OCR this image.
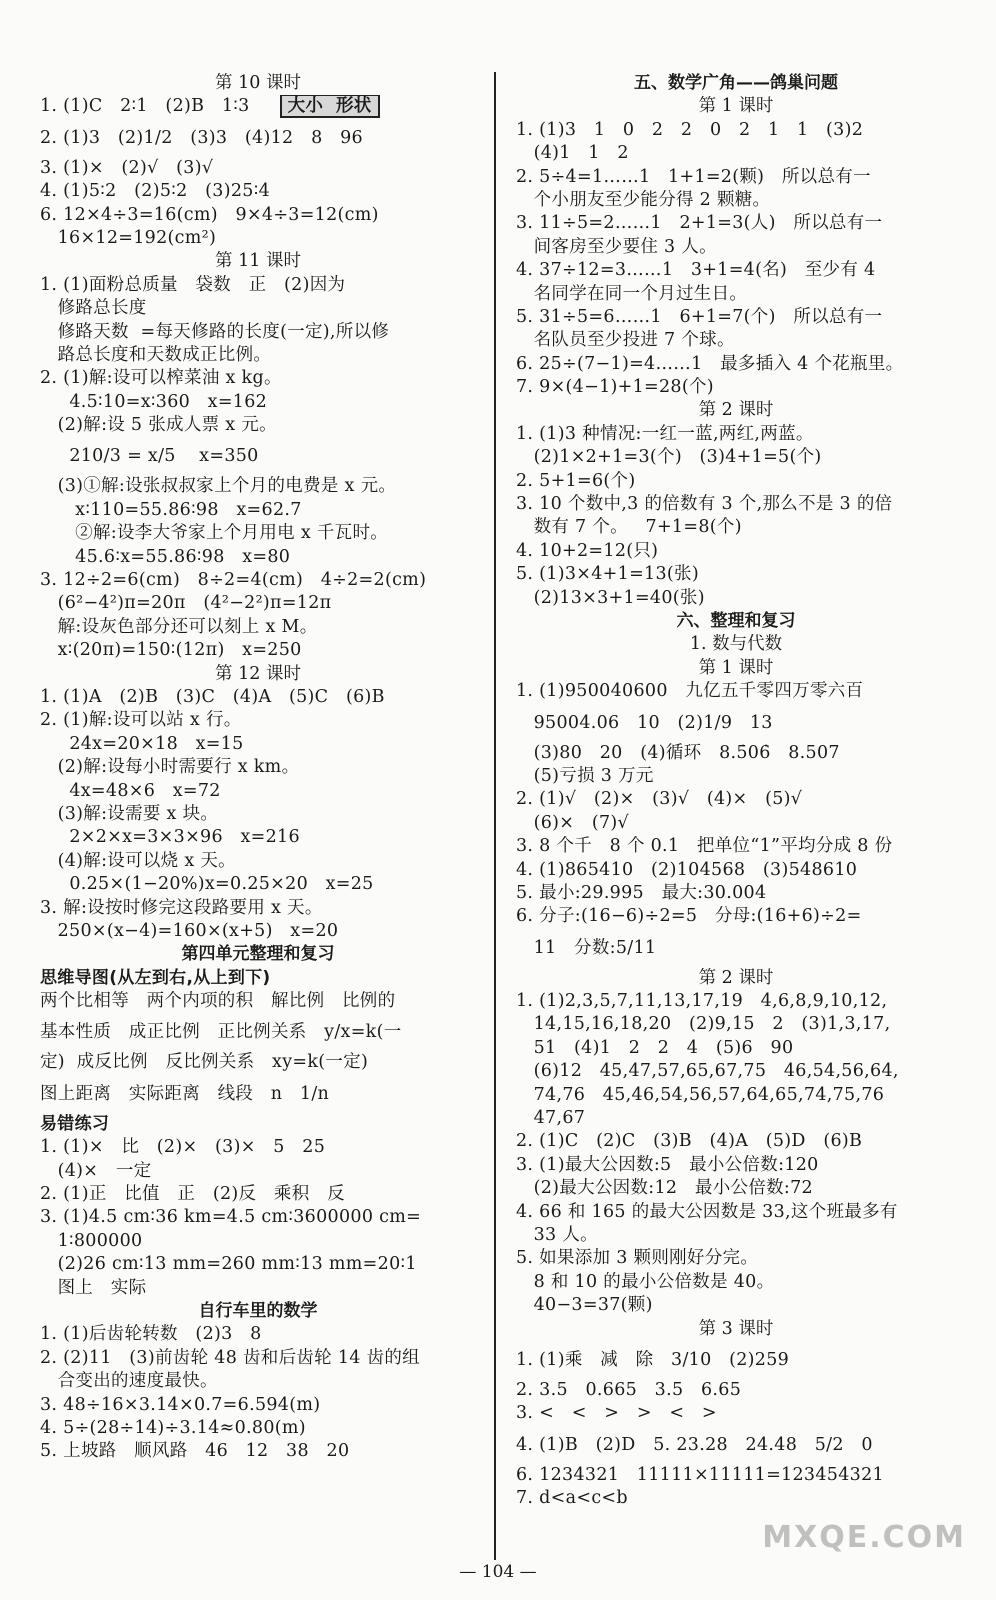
第 10 课时
1. (1)C   2∶1   (2)B   1∶3 大小  形状
2. (1)3   (2)1/2   (3)3   (4)12   8   96
3. (1)×   (2)√   (3)√
4. (1)5∶2   (2)5∶2   (3)25∶4
6. 12×4÷3=16(cm)   9×4÷3=12(cm)
16×12=192(cm²)
第 11 课时
1. (1)面粉总质量   袋数   正   (2)因为
修路总长度
修路天数  =每天修路的长度(一定),所以修
路总长度和天数成正比例。
2. (1)解:设可以榨菜油 x kg。
4.5∶10=x∶360   x=162
(2)解:设 5 张成人票 x 元。
210/3 = x/5    x=350
(3)①解:设张叔叔家上个月的电费是 x 元。
x∶110=55.86∶98   x=62.7
②解:设李大爷家上个月用电 x 千瓦时。
45.6∶x=55.86∶98   x=80
3. 12÷2=6(cm)   8÷2=4(cm)   4÷2=2(cm)
(6²−4²)π=20π   (4²−2²)π=12π
解:设灰色部分还可以刻上 x M。
x∶(20π)=150∶(12π)   x=250
第 12 课时
1. (1)A   (2)B   (3)C   (4)A   (5)C   (6)B
2. (1)解:设可以站 x 行。
24x=20×18   x=15
(2)解:设每小时需要行 x km。
4x=48×6   x=72
(3)解:设需要 x 块。
2×2×x=3×3×96   x=216
(4)解:设可以烧 x 天。
0.25×(1−20%)x=0.25×20   x=25
3. 解:设按时修完这段路要用 x 天。
250×(x−4)=160×(x+5)   x=20
第四单元整理和复习
思维导图(从左到右,从上到下)
两个比相等   两个内项的积   解比例   比例的
基本性质   成正比例   正比例关系   y/x=k(一
定)  成反比例   反比例关系   xy=k(一定)
图上距离   实际距离   线段   n   1/n
易错练习
1. (1)×   比   (2)×   (3)×   5   25
(4)×   一定
2. (1)正   比值   正   (2)反   乘积   反
3. (1)4.5 cm∶36 km=4.5 cm∶3600000 cm=
1∶800000
(2)26 cm∶13 mm=260 mm∶13 mm=20∶1
图上   实际
自行车里的数学
1. (1)后齿轮转数   (2)3   8
2. (2)11   (3)前齿轮 48 齿和后齿轮 14 齿的组
合变出的速度最快。
3. 48÷16×3.14×0.7=6.594(m)
4. 5÷(28÷14)÷3.14≈0.80(m)
5. 上坡路   顺风路   46   12   38   20
五、数学广角——鸽巢问题
第 1 课时
1. (1)3   1   0   2   2   0   2   1   1   (3)2
(4)1   1   2
2. 5÷4=1……1   1+1=2(颗)   所以总有一
个小朋友至少能分得 2 颗糖。
3. 11÷5=2……1   2+1=3(人)   所以总有一
间客房至少要住 3 人。
4. 37÷12=3……1   3+1=4(名)   至少有 4
名同学在同一个月过生日。
5. 31÷5=6……1   6+1=7(个)   所以总有一
名队员至少投进 7 个球。
6. 25÷(7−1)=4……1   最多插入 4 个花瓶里。
7. 9×(4−1)+1=28(个)
第 2 课时
1. (1)3 种情况:一红一蓝,两红,两蓝。
(2)1×2+1=3(个)   (3)4+1=5(个)
2. 5+1=6(个)
3. 10 个数中,3 的倍数有 3 个,那么不是 3 的倍
数有 7 个。   7+1=8(个)
4. 10+2=12(只)
5. (1)3×4+1=13(张)
(2)13×3+1=40(张)
六、整理和复习
1. 数与代数
第 1 课时
1. (1)950040600   九亿五千零四万零六百
95004.06   10   (2)1/9   13
(3)80   20   (4)循环   8.5̇06̇   8.507
(5)亏损 3 万元
2. (1)√   (2)×   (3)√   (4)×   (5)√
(6)×   (7)√
3. 8 个千   8 个 0.1   把单位“1”平均分成 8 份
4. (1)865410   (2)104568   (3)548610
5. 最小:29.995   最大:30.004
6. 分子:(16−6)÷2=5   分母:(16+6)÷2=
11   分数:5/11
第 2 课时
1. (1)2,3,5,7,11,13,17,19   4,6,8,9,10,12,
14,15,16,18,20   (2)9,15   2   (3)1,3,17,
51   (4)1   2   2   4   (5)6   90
(6)12   45,47,57,65,67,75   46,54,56,64,
74,76   45,46,54,56,57,64,65,74,75,76
47,67
2. (1)C   (2)C   (3)B   (4)A   (5)D   (6)B
3. (1)最大公因数:5   最小公倍数:120
(2)最大公因数:12   最小公倍数:72
4. 66 和 165 的最大公因数是 33,这个班最多有
33 人。
5. 如果添加 3 颗则刚好分完。
8 和 10 的最小公倍数是 40。
40−3=37(颗)
第 3 课时
1. (1)乘   减   除   3/10   (2)259
2. 3.5   0.665   3.5   6.65
3. <   <   >   >   <   >
4. (1)B   (2)D   5. 23.28   24.48   5/2   0
6. 1234321   11111×11111=123454321
7. d<a<c<b
— 104 —
MXQE.COM
